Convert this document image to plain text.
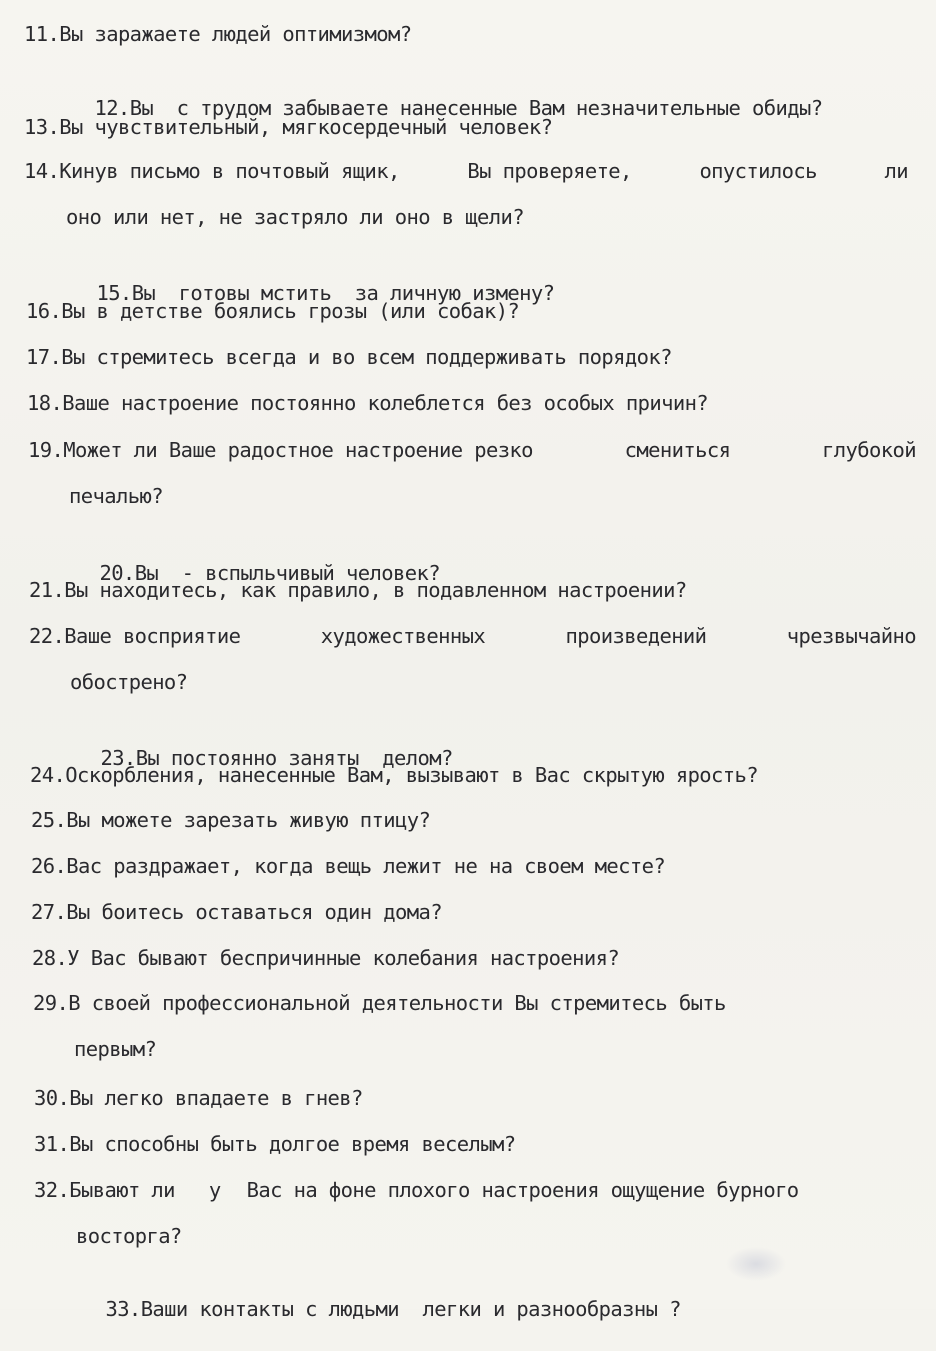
11.Вы заражаете людей оптимизмом?

12.Вы  с трудом забываете нанесенные Вам незначительные обиды?

13.Вы чувствительный, мягкосердечный человек?
14. Кинув письмо в почтовый ящик,	Вы проверяете,	опустилось	ли
оно или нет, не застряло ли оно в щели?

15.Вы  готовы мстить  за личную измену?

16.Вы в детстве боялись грозы (или собак)?
17.Вы стремитесь всегда и во всем поддерживать порядок?
18.Ваше настроение постоянно колеблется без особых причин?
19. Может ли Ваше радостное настроение резко	смениться	глубокой
печалью?

20.Вы  - вспыльчивый человек?

21.Вы находитесь, как правило, в подавленном настроении?
22. Ваше восприятие	художественных	произведений	чрезвычайно
обострено?

23.Вы постоянно заняты  делом?

24.Оскорбления, нанесенные Вам, вызывают в Вас скрытую ярость?
25.Вы можете зарезать живую птицу?
26.Вас раздражает, когда вещь лежит не на своем месте?
27.Вы боитесь оставаться один дома?
28.У Вас бывают беспричинные колебания настроения?
29.В своей профессиональной деятельности Вы стремитесь быть
первым?
30.Вы легко впадаете в гнев?
31.Вы способны быть долгое время веселым?
32. Бывают ли у Вас на фоне плохого настроения ощущение бурного
восторга?

33.Ваши контакты с людьми  легки и разнообразны ?
